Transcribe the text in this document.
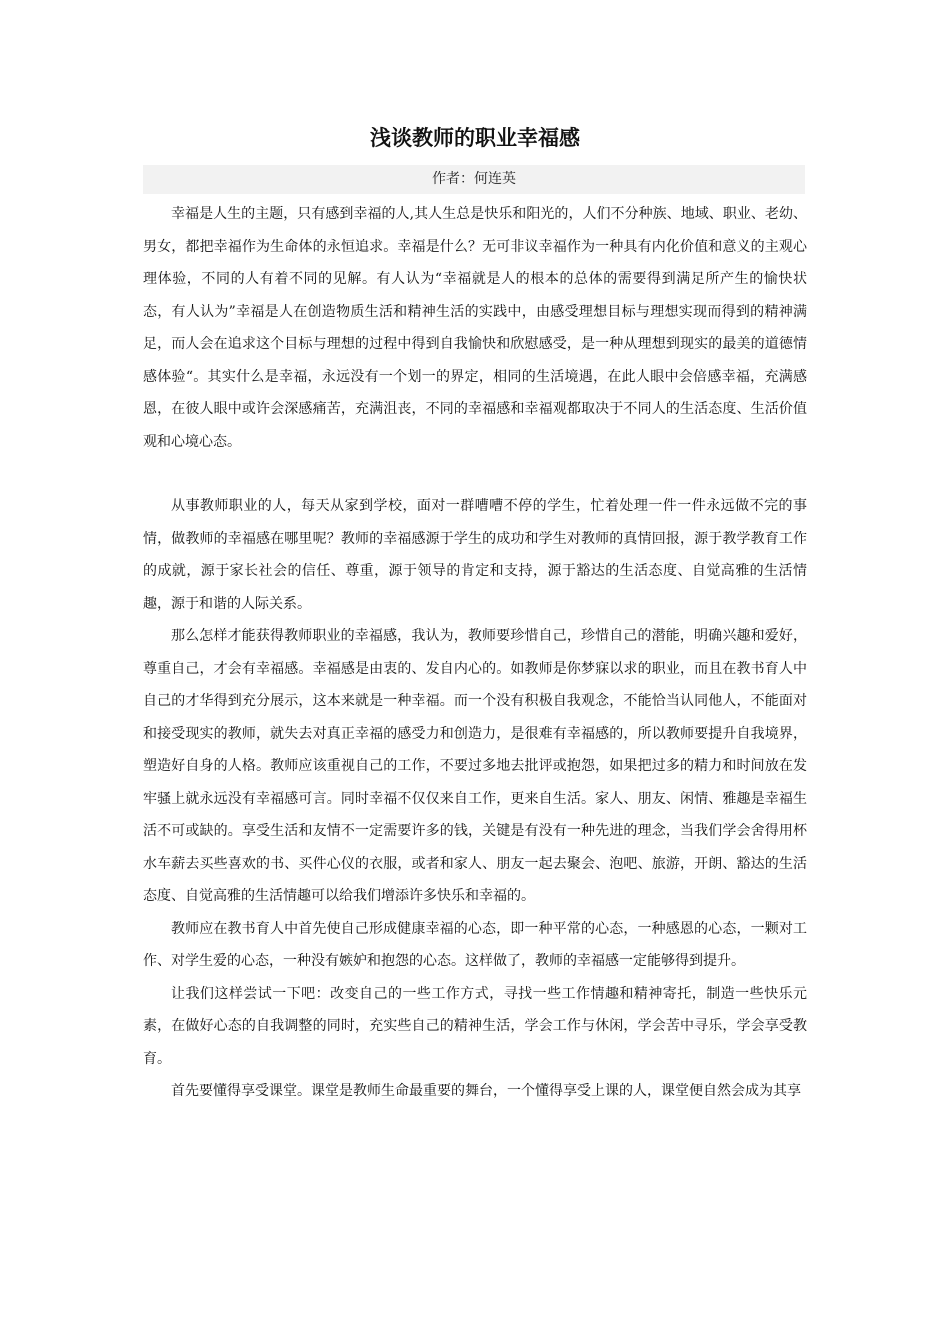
浅谈教师的职业幸福感
作者：何连英

幸福是人生的主题，只有感到幸福的人,其人生总是快乐和阳光的，人们不分种族、地域、职业、老幼、男女，都把幸福作为生命体的永恒追求。幸福是什么？无可非议幸福作为一种具有内化价值和意义的主观心理体验，不同的人有着不同的见解。有人认为“幸福就是人的根本的总体的需要得到满足所产生的愉快状态，有人认为”幸福是人在创造物质生活和精神生活的实践中，由感受理想目标与理想实现而得到的精神满足，而人会在追求这个目标与理想的过程中得到自我愉快和欣慰感受，是一种从理想到现实的最美的道德情感体验“。其实什么是幸福，永远没有一个划一的界定，相同的生活境遇，在此人眼中会倍感幸福，充满感恩，在彼人眼中或许会深感痛苦，充满沮丧，不同的幸福感和幸福观都取决于不同人的生活态度、生活价值观和心境心态。

从事教师职业的人，每天从家到学校，面对一群嘈嘈不停的学生，忙着处理一件一件永远做不完的事情，做教师的幸福感在哪里呢？教师的幸福感源于学生的成功和学生对教师的真情回报，源于教学教育工作的成就，源于家长社会的信任、尊重，源于领导的肯定和支持，源于豁达的生活态度、自觉高雅的生活情趣，源于和谐的人际关系。

那么怎样才能获得教师职业的幸福感，我认为，教师要珍惜自己，珍惜自己的潜能，明确兴趣和爱好，尊重自己，才会有幸福感。幸福感是由衷的、发自内心的。如教师是你梦寐以求的职业，而且在教书育人中自己的才华得到充分展示，这本来就是一种幸福。而一个没有积极自我观念，不能恰当认同他人，不能面对和接受现实的教师，就失去对真正幸福的感受力和创造力，是很难有幸福感的，所以教师要提升自我境界，塑造好自身的人格。教师应该重视自己的工作，不要过多地去批评或抱怨，如果把过多的精力和时间放在发牢骚上就永远没有幸福感可言。同时幸福不仅仅来自工作，更来自生活。家人、朋友、闲情、雅趣是幸福生活不可或缺的。享受生活和友情不一定需要许多的钱，关键是有没有一种先进的理念，当我们学会舍得用杯水车薪去买些喜欢的书、买件心仪的衣服，或者和家人、朋友一起去聚会、泡吧、旅游，开朗、豁达的生活态度、自觉高雅的生活情趣可以给我们增添许多快乐和幸福的。

教师应在教书育人中首先使自己形成健康幸福的心态，即一种平常的心态，一种感恩的心态，一颗对工作、对学生爱的心态，一种没有嫉妒和抱怨的心态。这样做了，教师的幸福感一定能够得到提升。

让我们这样尝试一下吧：改变自己的一些工作方式，寻找一些工作情趣和精神寄托，制造一些快乐元素，在做好心态的自我调整的同时，充实些自己的精神生活，学会工作与休闲，学会苦中寻乐，学会享受教育。

首先要懂得享受课堂。课堂是教师生命最重要的舞台，一个懂得享受上课的人，课堂便自然会成为其享
